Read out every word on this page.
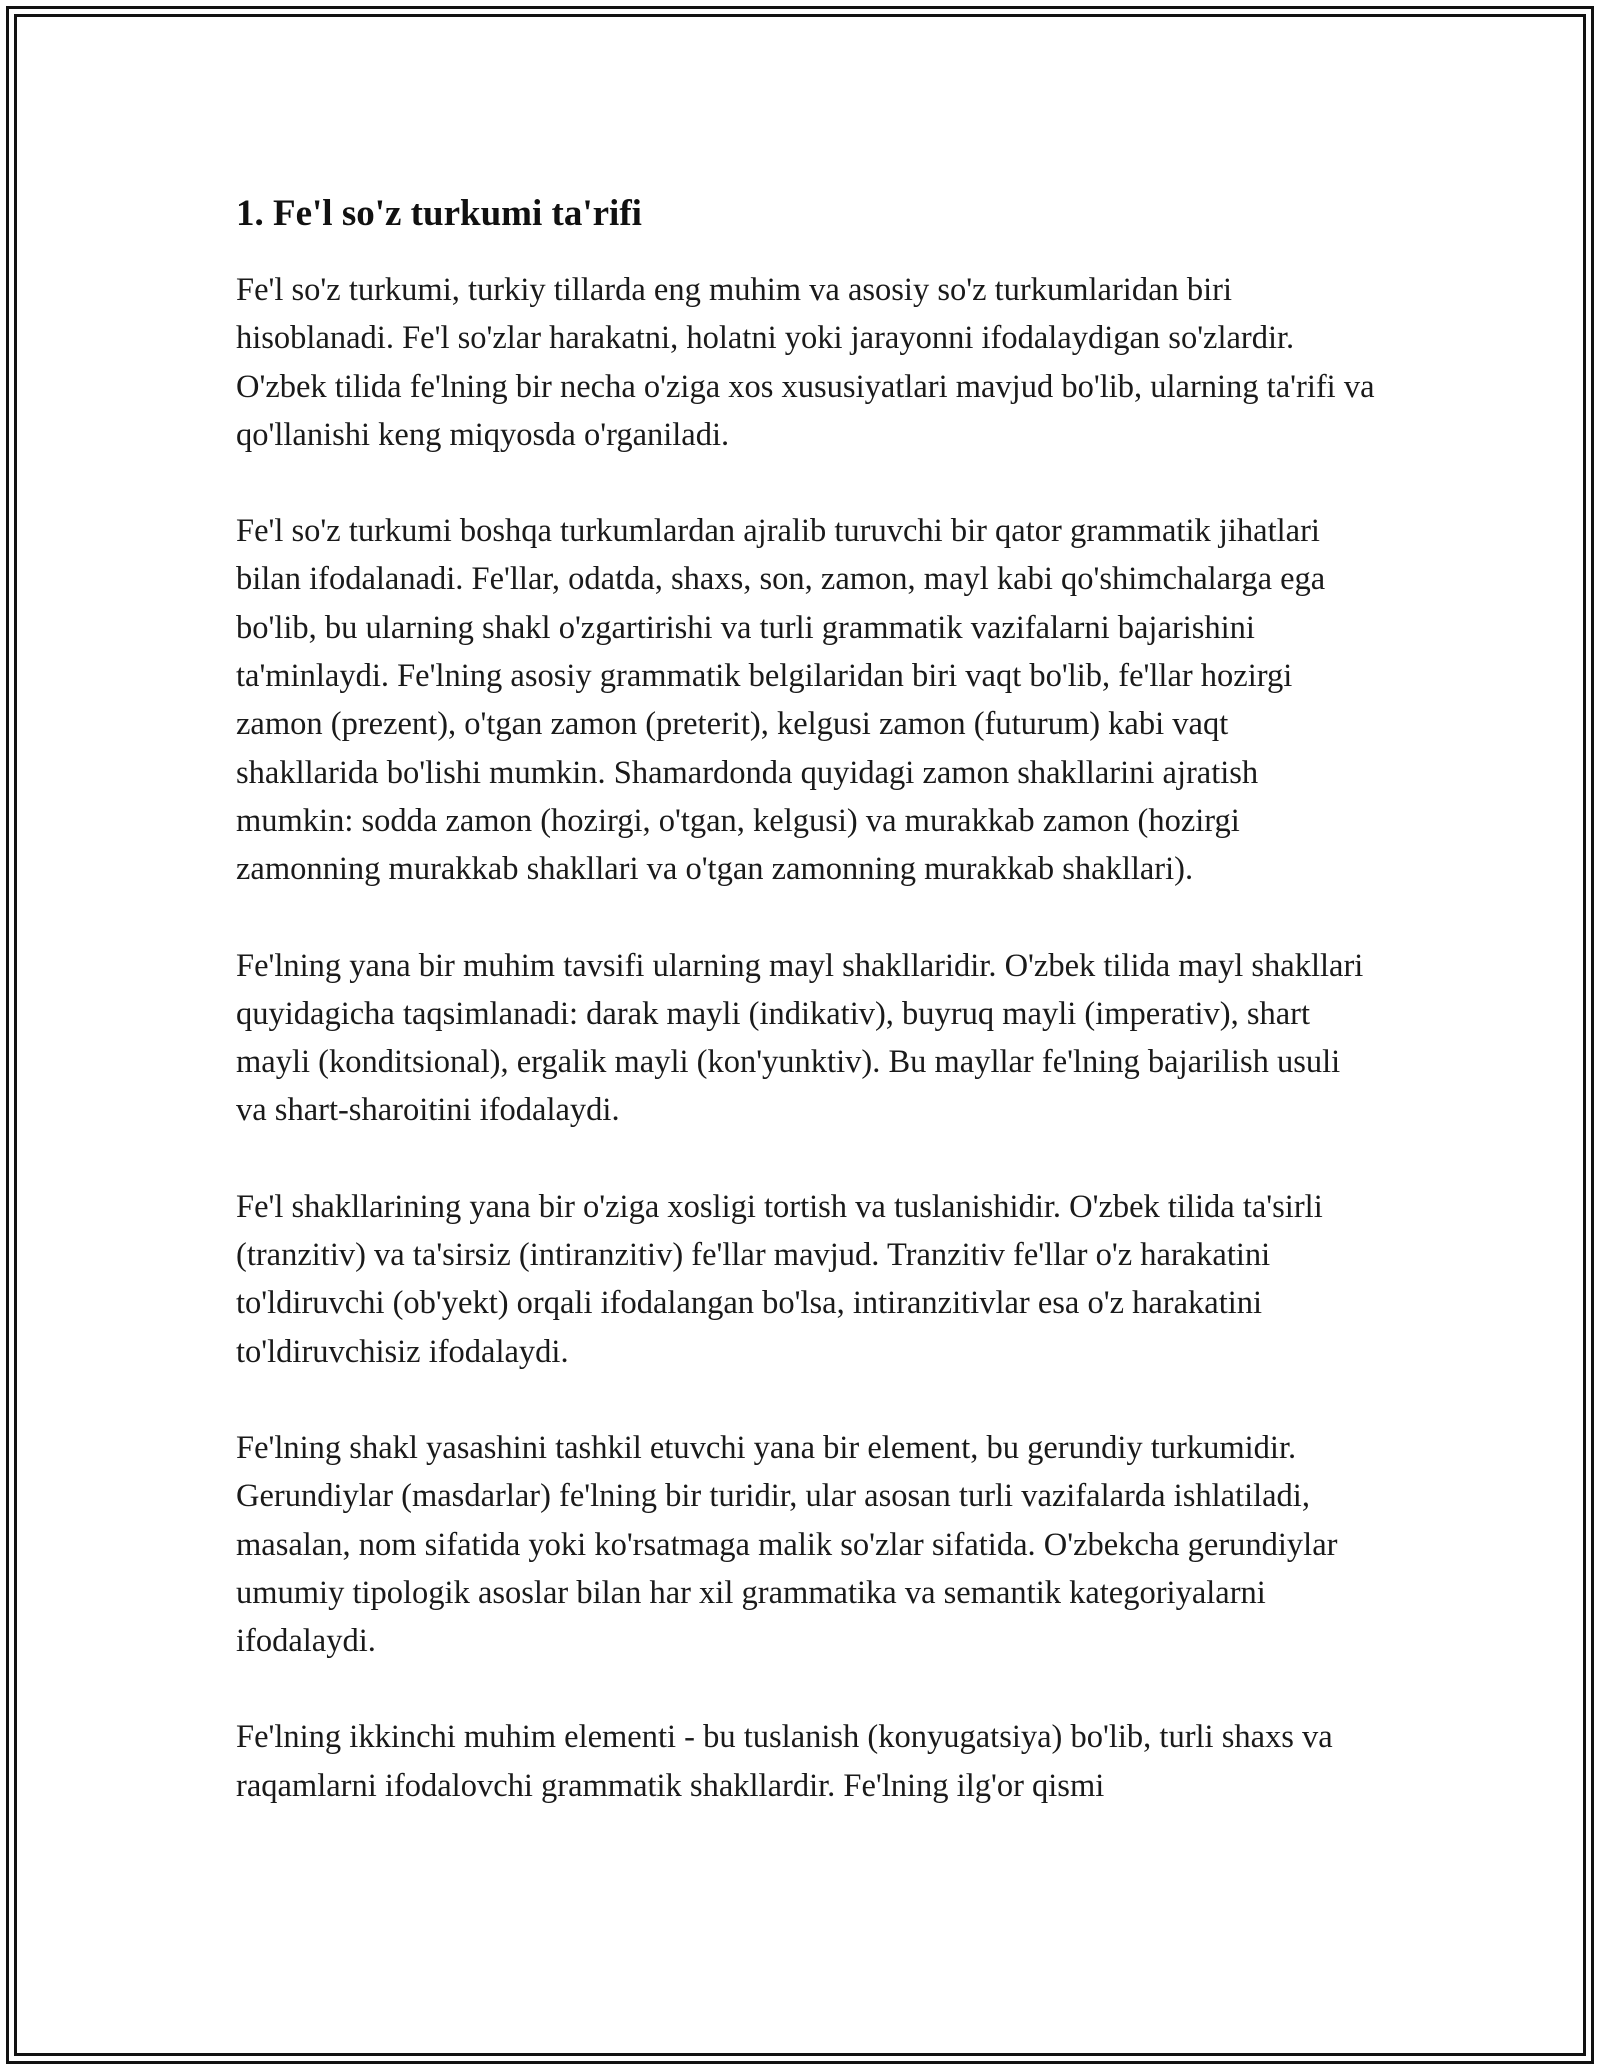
1. Fe'l so'z turkumi ta'rifi

Fe'l so'z turkumi, turkiy tillarda eng muhim va asosiy so'z turkumlaridan biri hisoblanadi. Fe'l so'zlar harakatni, holatni yoki jarayonni ifodalaydigan so'zlardir. O'zbek tilida fe'lning bir necha o'ziga xos xususiyatlari mavjud bo'lib, ularning ta'rifi va qo'llanishi keng miqyosda o'rganiladi.

Fe'l so'z turkumi boshqa turkumlardan ajralib turuvchi bir qator grammatik jihatlari bilan ifodalanadi. Fe'llar, odatda, shaxs, son, zamon, mayl kabi qo'shimchalarga ega bo'lib, bu ularning shakl o'zgartirishi va turli grammatik vazifalarni bajarishini ta'minlaydi. Fe'lning asosiy grammatik belgilaridan biri vaqt bo'lib, fe'llar hozirgi zamon (prezent), o'tgan zamon (preterit), kelgusi zamon (futurum) kabi vaqt shakllarida bo'lishi mumkin. Shamardonda quyidagi zamon shakllarini ajratish mumkin: sodda zamon (hozirgi, o'tgan, kelgusi) va murakkab zamon (hozirgi zamonning murakkab shakllari va o'tgan zamonning murakkab shakllari).

Fe'lning yana bir muhim tavsifi ularning mayl shakllaridir. O'zbek tilida mayl shakllari quyidagicha taqsimlanadi: darak mayli (indikativ), buyruq mayli (imperativ), shart mayli (konditsional), ergalik mayli (kon'yunktiv). Bu mayllar fe'lning bajarilish usuli va shart-sharoitini ifodalaydi.

Fe'l shakllarining yana bir o'ziga xosligi tortish va tuslanishidir. O'zbek tilida ta'sirli (tranzitiv) va ta'sirsiz (intiranzitiv) fe'llar mavjud. Tranzitiv fe'llar o'z harakatini to'ldiruvchi (ob'yekt) orqali ifodalangan bo'lsa, intiranzitivlar esa o'z harakatini to'ldiruvchisiz ifodalaydi.

Fe'lning shakl yasashini tashkil etuvchi yana bir element, bu gerundiy turkumidir. Gerundiylar (masdarlar) fe'lning bir turidir, ular asosan turli vazifalarda ishlatiladi, masalan, nom sifatida yoki ko'rsatmaga malik so'zlar sifatida. O'zbekcha gerundiylar umumiy tipologik asoslar bilan har xil grammatika va semantik kategoriyalarni ifodalaydi.

Fe'lning ikkinchi muhim elementi - bu tuslanish (konyugatsiya) bo'lib, turli shaxs va raqamlarni ifodalovchi grammatik shakllardir. Fe'lning ilg'or qismi
